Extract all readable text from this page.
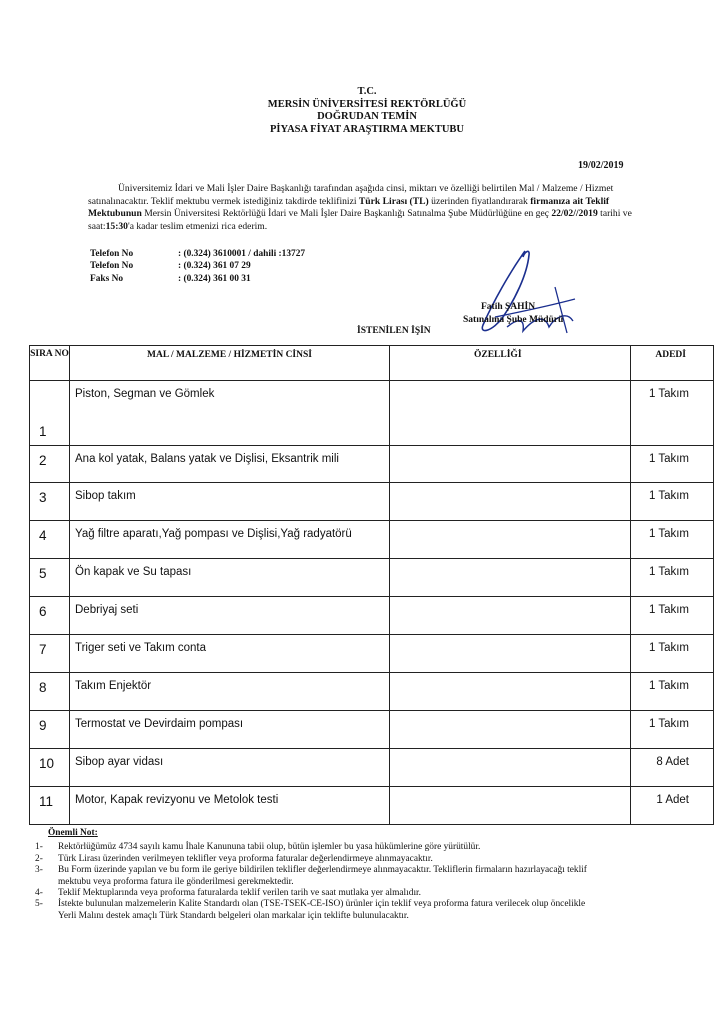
T.C.
MERSİN ÜNİVERSİTESİ REKTÖRLÜĞÜ
DOĞRUDAN TEMİN
PİYASA FİYAT ARAŞTIRMA MEKTUBU
19/02/2019

Üniversitemiz İdari ve Mali İşler Daire Başkanlığı tarafından aşağıda cinsi, miktarı ve özelliği belirtilen Mal / Malzeme / Hizmet satınalınacaktır. Teklif mektubu vermek istediğiniz takdirde teklifinizi Türk Lirası (TL) üzerinden fiyatlandırarak firmanıza ait Teklif Mektubunun Mersin Üniversitesi Rektörlüğü İdari ve Mali İşler Daire Başkanlığı Satınalma Şube Müdürlüğüne en geç 22/02//2019 tarihi ve saat:15:30'a kadar teslim etmenizi rica ederim.

Telefon No	: (0.324) 3610001 / dahili :13727
Telefon No	: (0.324) 361 07 29
Faks No	: (0.324) 361 00 31
Fatih ŞAHİN
Satınalma Şube Müdürü
İSTENİLEN İŞİN
SIRA NO	MAL / MALZEME / HİZMETİN CİNSİ	ÖZELLİĞİ	ADEDİ
1	Piston, Segman ve Gömlek		1 Takım
2	Ana kol yatak, Balans yatak ve Dişlisi, Eksantrik mili		1 Takım
3	Sibop takım		1 Takım
4	Yağ filtre aparatı,Yağ pompası ve Dişlisi,Yağ radyatörü		1 Takım
5	Ön kapak ve Su tapası		1 Takım
6	Debriyaj seti		1 Takım
7	Triger seti ve Takım conta		1 Takım
8	Takım Enjektör		1 Takım
9	Termostat ve Devirdaim pompası		1 Takım
10	Sibop ayar vidası		8 Adet
11	Motor, Kapak revizyonu ve Metolok testi		1 Adet
Önemli Not:
1- Rektörlüğümüz 4734 sayılı kamu İhale Kanununa tabii olup, bütün işlemler bu yasa hükümlerine göre yürütülür.
2- Türk Lirası üzerinden verilmeyen teklifler veya proforma faturalar değerlendirmeye alınmayacaktır.
3- Bu Form üzerinde yapılan ve bu form ile geriye bildirilen teklifler değerlendirmeye alınmayacaktır. Tekliflerin firmaların hazırlayacağı teklif mektubu veya proforma fatura ile gönderilmesi gerekmektedir.
4- Teklif Mektuplarında veya proforma faturalarda teklif verilen tarih ve saat mutlaka yer almalıdır.
5- İstekte bulunulan malzemelerin Kalite Standardı olan (TSE-TSEK-CE-ISO) ürünler için teklif veya proforma fatura verilecek olup öncelikle Yerli Malını destek amaçlı Türk Standardı belgeleri olan markalar için teklifte bulunulacaktır.
